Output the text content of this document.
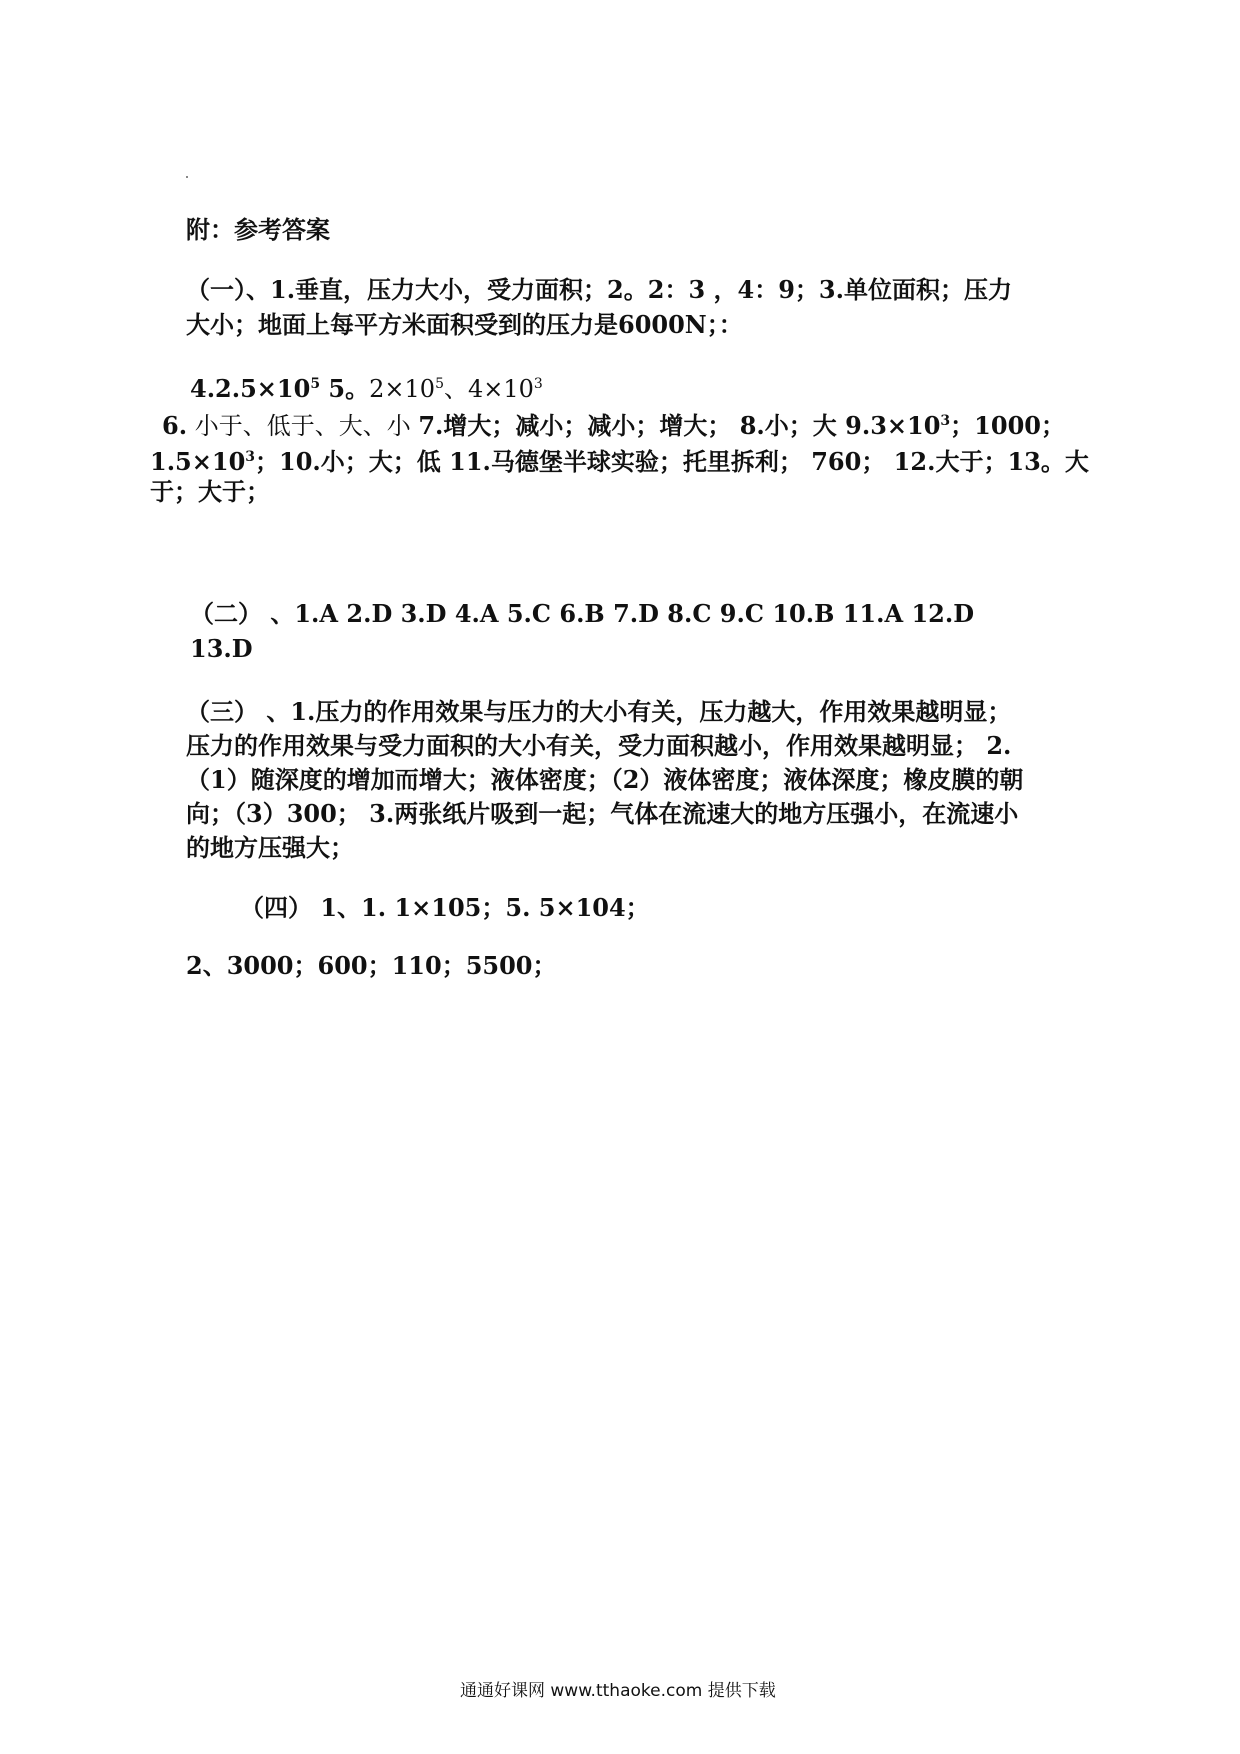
附：参考答案
（一）、1.垂直，压力大小，受力面积；2。2：3 ，4：9；3.单位面积；压力
大小；地面上每平方米面积受到的压力是6000N；：
$4.2.5\times 10^5$ 5。$2\times 10^5$、$4\times 10^3$
6. 小于、低于、大、小 7.增大；减小；减小；增大； 8.小；大 $9.3\times 10^3$；1000；
$1.5\times 10^3$；10.小；大；低 11.马德堡半球实验；托里拆利； 760； 12.大于；13。大
于；大于；
（二） 、1.A 2.D 3.D 4.A 5.C 6.B 7.D 8.C 9.C 10.B 11.A 12.D
13.D
（三） 、1.压力的作用效果与压力的大小有关，压力越大，作用效果越明显；
压力的作用效果与受力面积的大小有关，受力面积越小，作用效果越明显； 2.
（1）随深度的增加而增大；液体密度；（2）液体密度；液体深度；橡皮膜的朝
向；（3）300； 3.两张纸片吸到一起；气体在流速大的地方压强小，在流速小
的地方压强大；
（四） 1、1. 1×105；5. 5×104；
2、3000；600；110；5500；
通通好课网 www.tthaoke.com 提供下载
